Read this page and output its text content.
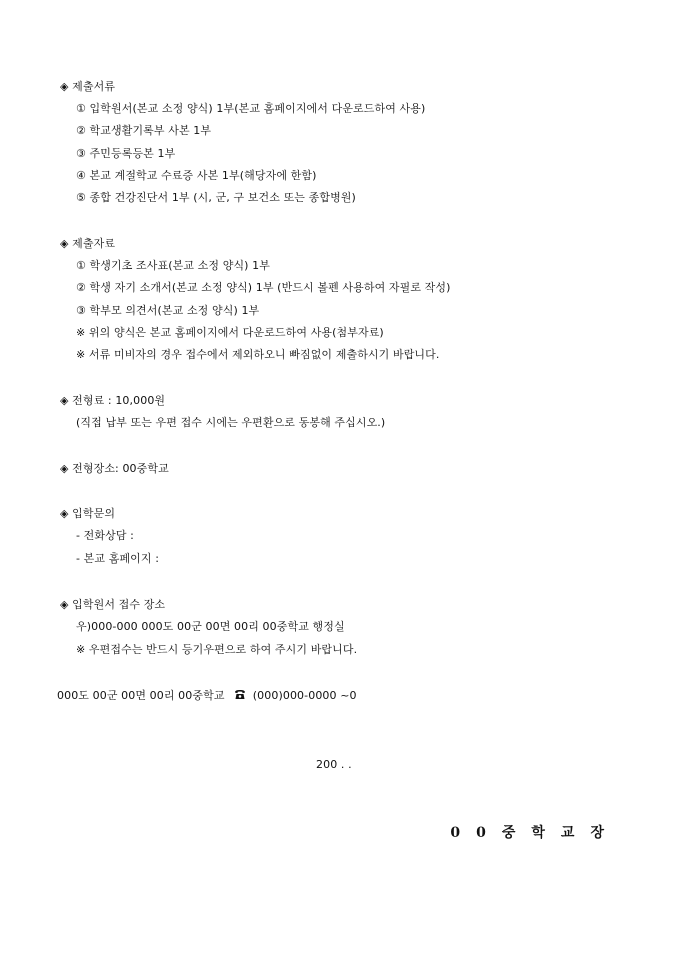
◈ 제출서류
① 입학원서(본교 소정 양식) 1부(본교 홈페이지에서 다운로드하여 사용)
② 학교생활기록부 사본 1부
③ 주민등록등본 1부
④ 본교 계절학교 수료증 사본 1부(해당자에 한함)
⑤ 종합 건강진단서 1부 (시, 군, 구 보건소 또는 종합병원)
◈ 제출자료
① 학생기초 조사표(본교 소정 양식) 1부
② 학생 자기 소개서(본교 소정 양식) 1부 (반드시 볼펜 사용하여 자필로 작성)
③ 학부모 의견서(본교 소정 양식) 1부
※ 위의 양식은 본교 홈페이지에서 다운로드하여 사용(첨부자료)
※ 서류 미비자의 경우 접수에서 제외하오니 빠짐없이 제출하시기 바랍니다.
◈ 전형료 : 10,000원
(직접 납부 또는 우편 접수 시에는 우편환으로 동봉해 주십시오.)
◈ 전형장소: 00중학교
◈ 입학문의
- 전화상담 :
- 본교 홈페이지 :
◈ 입학원서 접수 장소
우)000-000 000도 00군 00면 00리 00중학교 행정실
※ 우편접수는 반드시 등기우편으로 하여 주시기 바랍니다.
000도 00군 00면 00리 00중학교	(000)000-0000 ~0
200 . .
00중학교장
